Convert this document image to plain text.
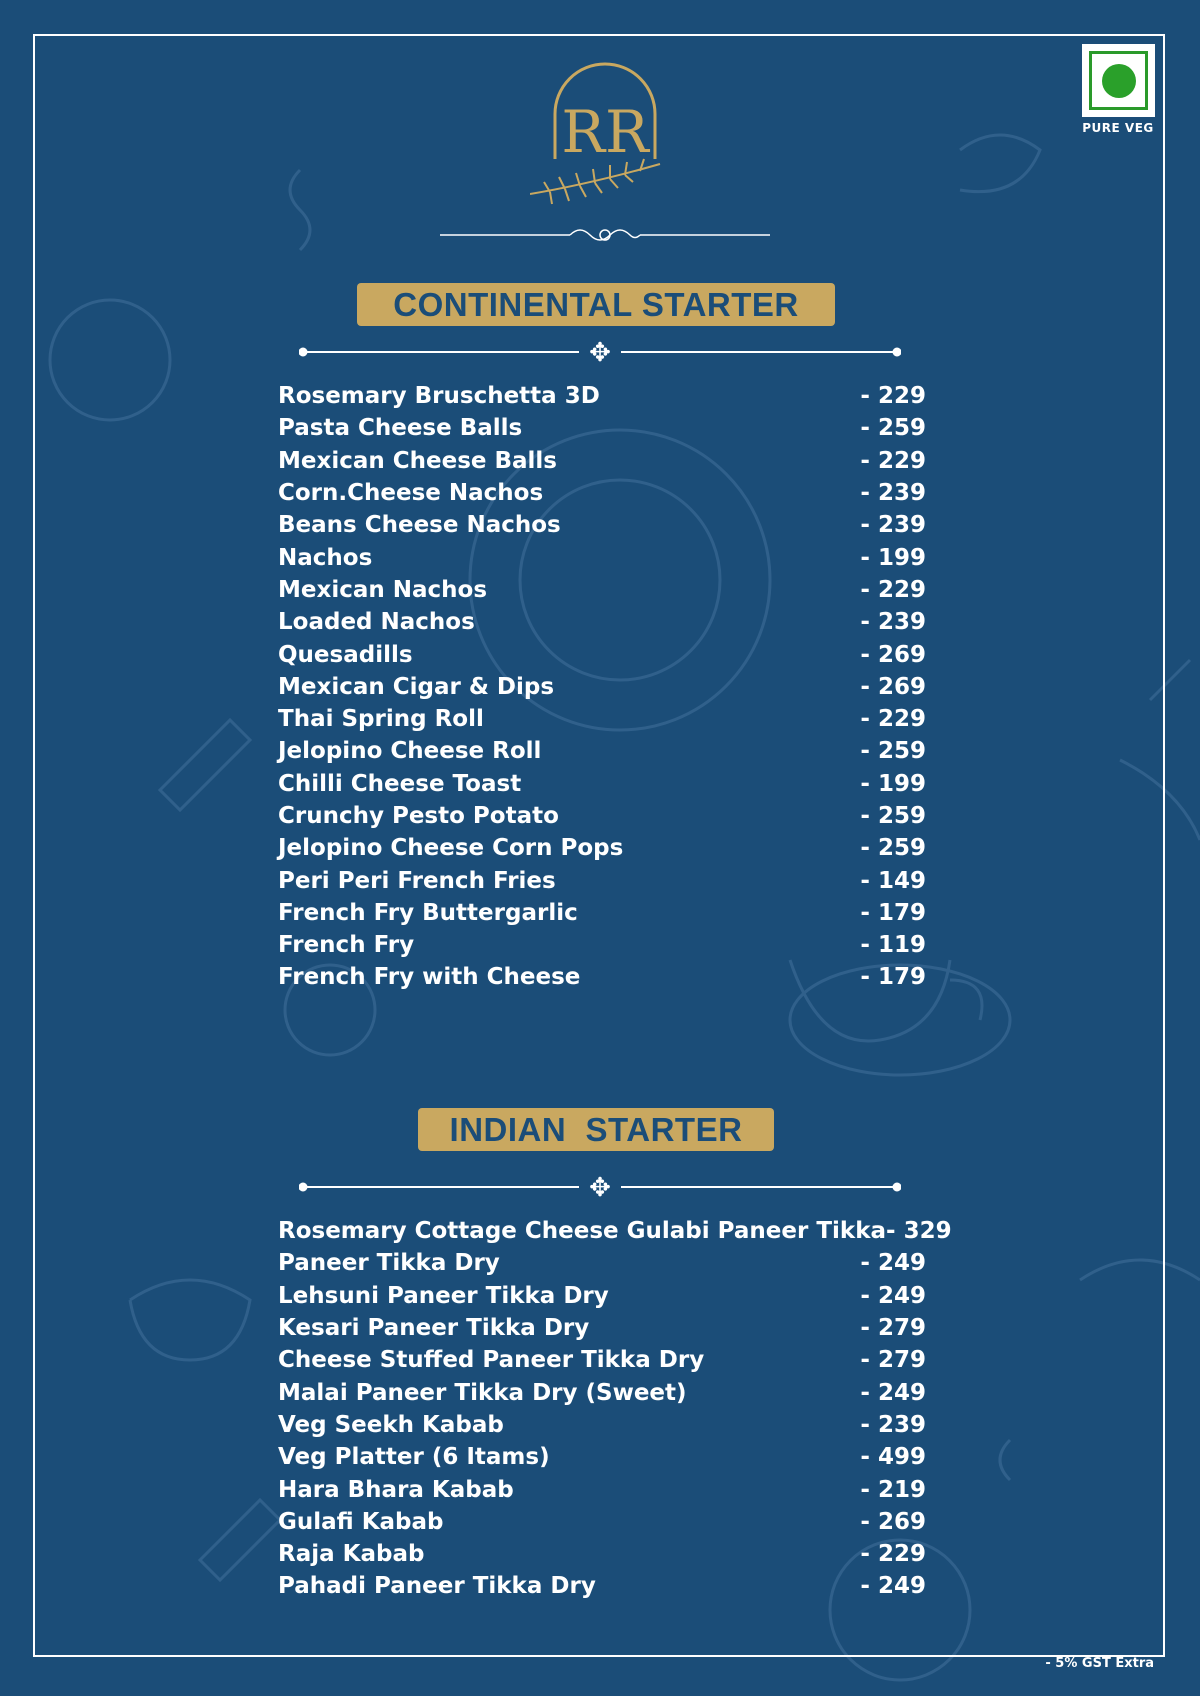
RR	PURE VEG
CONTINENTAL STARTER
✥
Rosemary Bruschetta 3D	- 229
Pasta Cheese Balls	- 259
Mexican Cheese Balls	- 229
Corn.Cheese Nachos	- 239
Beans Cheese Nachos	- 239
Nachos	- 199
Mexican Nachos	- 229
Loaded Nachos	- 239
Quesadills	- 269
Mexican Cigar & Dips	- 269
Thai Spring Roll	- 229
Jelopino Cheese Roll	- 259
Chilli Cheese Toast	- 199
Crunchy Pesto Potato	- 259
Jelopino Cheese Corn Pops	- 259
Peri Peri French Fries	- 149
French Fry Buttergarlic	- 179
French Fry	- 119
French Fry with Cheese	- 179
INDIAN  STARTER
✥
Rosemary Cottage Cheese Gulabi Paneer Tikka - 329
Paneer Tikka Dry	- 249
Lehsuni Paneer Tikka Dry	- 249
Kesari Paneer Tikka Dry	- 279
Cheese Stuffed Paneer Tikka Dry	- 279
Malai Paneer Tikka Dry (Sweet)	- 249
Veg Seekh Kabab	- 239
Veg Platter (6 Itams)	- 499
Hara Bhara Kabab	- 219
Gulafi Kabab	- 269
Raja Kabab	- 229
Pahadi Paneer Tikka Dry	- 249
- 5% GST Extra
